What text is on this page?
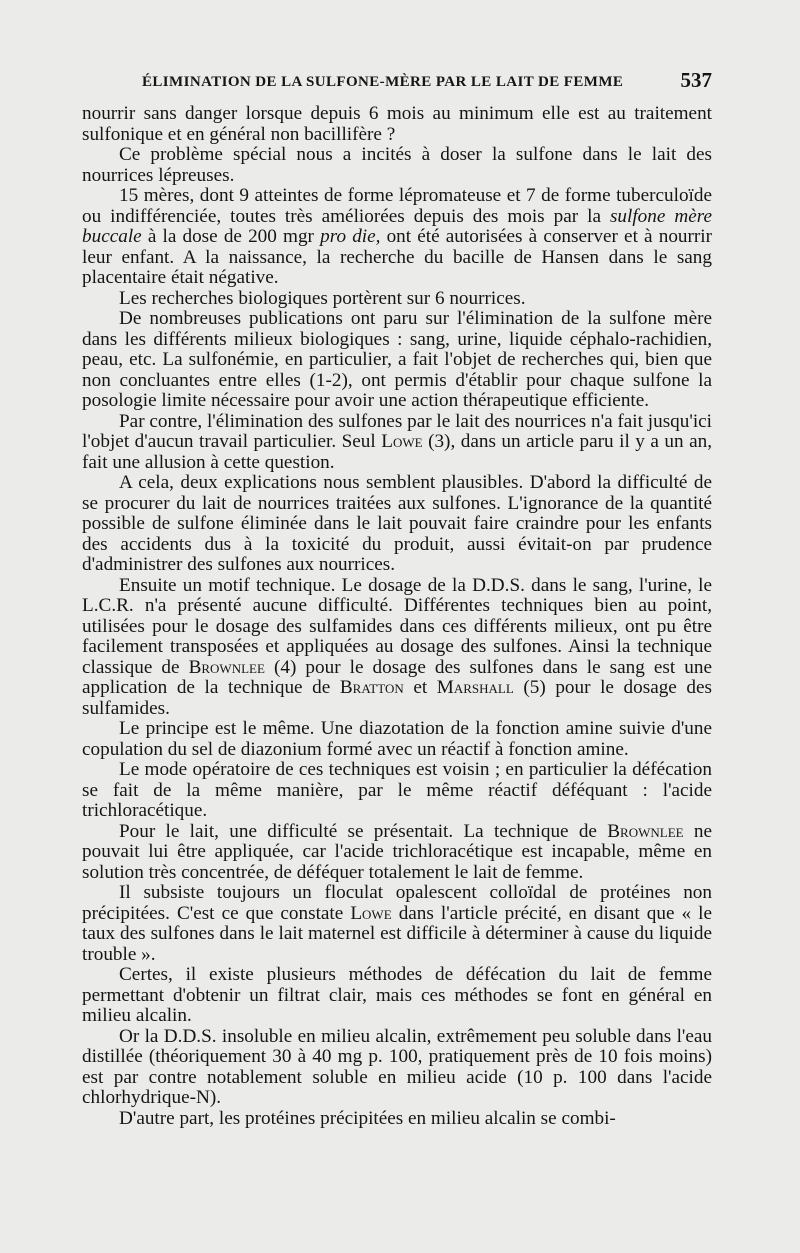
ÉLIMINATION DE LA SULFONE-MÈRE PAR LE LAIT DE FEMME	537

nourrir sans danger lorsque depuis 6 mois au minimum elle est au traitement sulfonique et en général non bacillifère ?

Ce problème spécial nous a incités à doser la sulfone dans le lait des nourrices lépreuses.

15 mères, dont 9 atteintes de forme lépromateuse et 7 de forme tuberculoïde ou indifférenciée, toutes très améliorées depuis des mois par la sulfone mère buccale à la dose de 200 mgr pro die, ont été autorisées à conserver et à nourrir leur enfant. A la naissance, la recherche du bacille de Hansen dans le sang placentaire était négative.

Les recherches biologiques portèrent sur 6 nourrices.

De nombreuses publications ont paru sur l'élimination de la sulfone mère dans les différents milieux biologiques : sang, urine, liquide céphalo-rachidien, peau, etc. La sulfonémie, en particulier, a fait l'objet de recherches qui, bien que non concluantes entre elles (1-2), ont permis d'établir pour chaque sulfone la posologie limite nécessaire pour avoir une action thérapeutique efficiente.

Par contre, l'élimination des sulfones par le lait des nourrices n'a fait jusqu'ici l'objet d'aucun travail particulier. Seul Lowe (3), dans un article paru il y a un an, fait une allusion à cette question.

A cela, deux explications nous semblent plausibles. D'abord la difficulté de se procurer du lait de nourrices traitées aux sulfones. L'ignorance de la quantité possible de sulfone éliminée dans le lait pouvait faire craindre pour les enfants des accidents dus à la toxicité du produit, aussi évitait-on par prudence d'administrer des sulfones aux nourrices.

Ensuite un motif technique. Le dosage de la D.D.S. dans le sang, l'urine, le L.C.R. n'a présenté aucune difficulté. Différentes techniques bien au point, utilisées pour le dosage des sulfamides dans ces différents milieux, ont pu être facilement transposées et appliquées au dosage des sulfones. Ainsi la technique classique de Brownlee (4) pour le dosage des sulfones dans le sang est une application de la technique de Bratton et Marshall (5) pour le dosage des sulfamides.

Le principe est le même. Une diazotation de la fonction amine suivie d'une copulation du sel de diazonium formé avec un réactif à fonction amine.

Le mode opératoire de ces techniques est voisin ; en particulier la défécation se fait de la même manière, par le même réactif déféquant : l'acide trichloracétique.

Pour le lait, une difficulté se présentait. La technique de Brownlee ne pouvait lui être appliquée, car l'acide trichloracétique est incapable, même en solution très concentrée, de déféquer totalement le lait de femme.

Il subsiste toujours un floculat opalescent colloïdal de protéines non précipitées. C'est ce que constate Lowe dans l'article précité, en disant que « le taux des sulfones dans le lait maternel est difficile à déterminer à cause du liquide trouble ».

Certes, il existe plusieurs méthodes de défécation du lait de femme permettant d'obtenir un filtrat clair, mais ces méthodes se font en général en milieu alcalin.

Or la D.D.S. insoluble en milieu alcalin, extrêmement peu soluble dans l'eau distillée (théoriquement 30 à 40 mg p. 100, pratiquement près de 10 fois moins) est par contre notablement soluble en milieu acide (10 p. 100 dans l'acide chlorhydrique-N).

D'autre part, les protéines précipitées en milieu alcalin se combi-
